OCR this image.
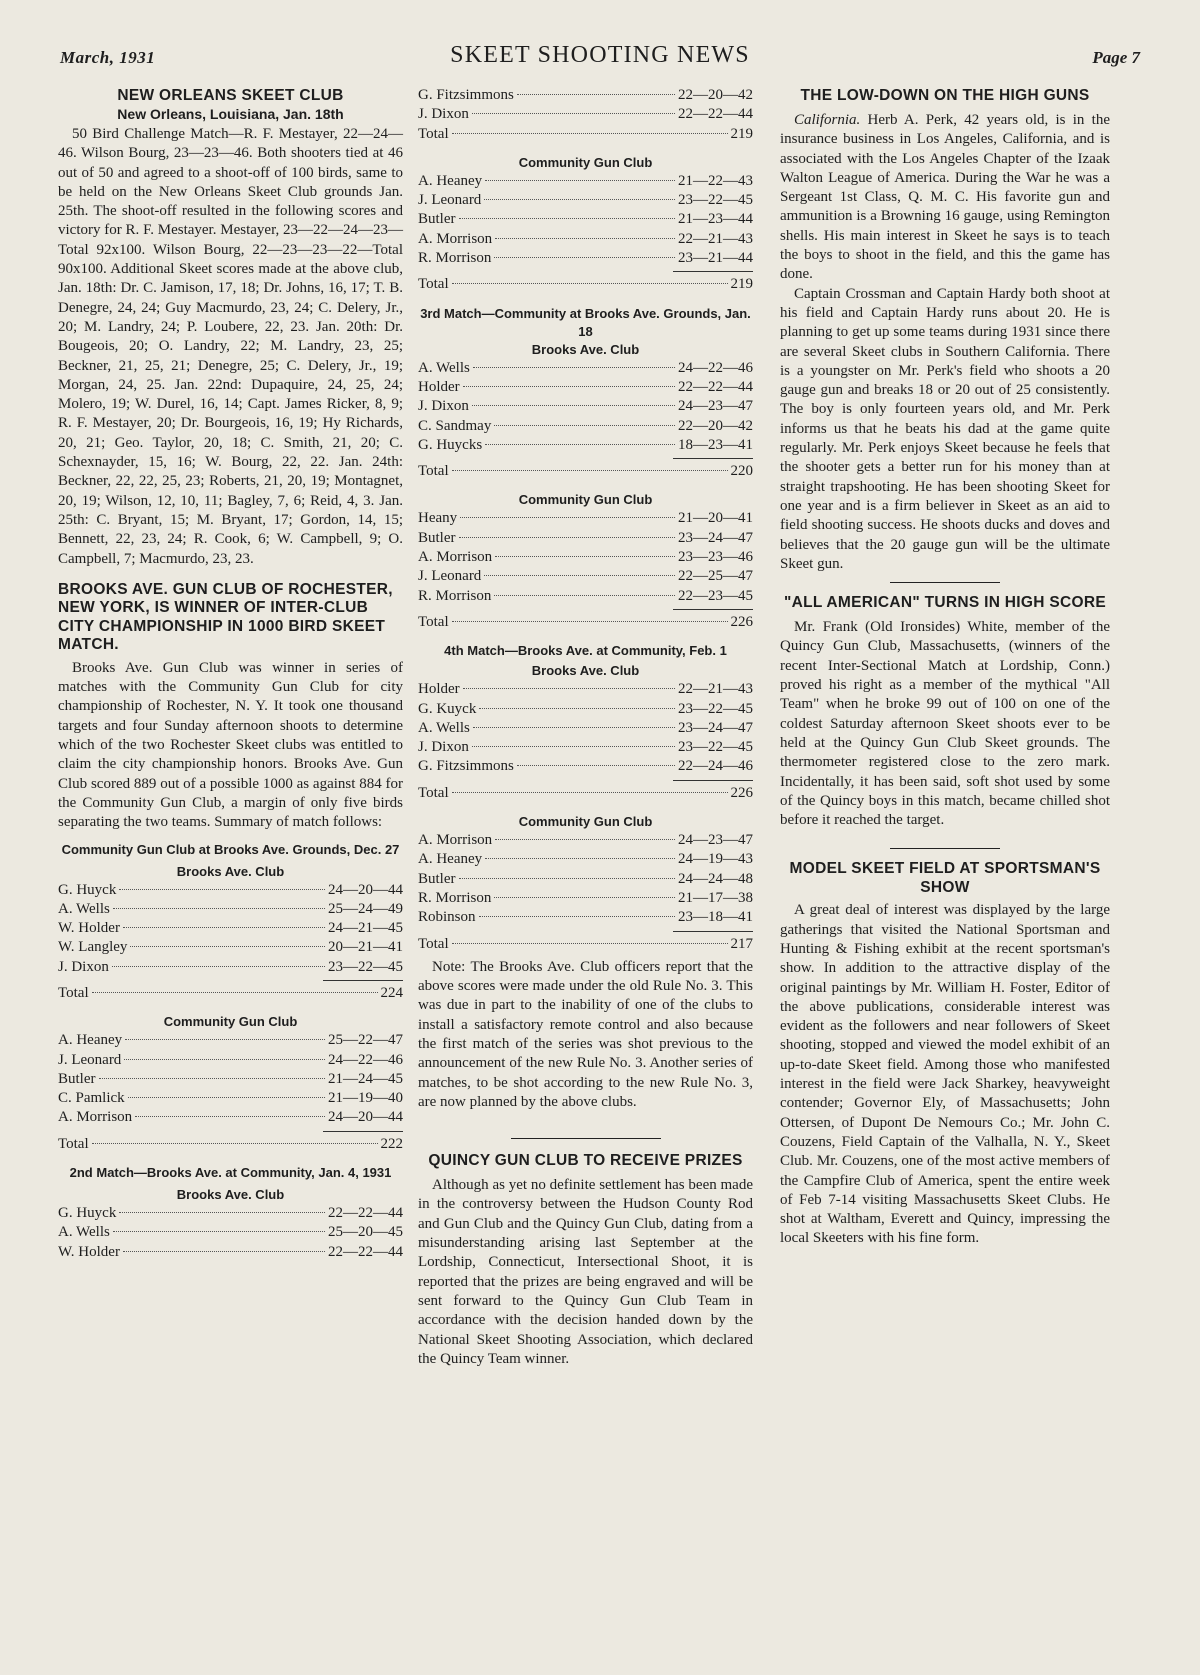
March, 1931	SKEET SHOOTING NEWS	Page 7
NEW ORLEANS SKEET CLUB
New Orleans, Louisiana, Jan. 18th

50 Bird Challenge Match—R. F. Mestayer, 22—24—46. Wilson Bourg, 23—23—46. Both shooters tied at 46 out of 50 and agreed to a shoot-off of 100 birds, same to be held on the New Orleans Skeet Club grounds Jan. 25th. The shoot-off resulted in the following scores and victory for R. F. Mestayer. Mestayer, 23—22—24—23—Total 92x100. Wilson Bourg, 22—23—23—22—Total 90x100. Additional Skeet scores made at the above club, Jan. 18th: Dr. C. Jamison, 17, 18; Dr. Johns, 16, 17; T. B. Denegre, 24, 24; Guy Macmurdo, 23, 24; C. Delery, Jr., 20; M. Landry, 24; P. Loubere, 22, 23. Jan. 20th: Dr. Bougeois, 20; O. Landry, 22; M. Landry, 23, 25; Beckner, 21, 25, 21; Denegre, 25; C. Delery, Jr., 19; Morgan, 24, 25. Jan. 22nd: Dupaquire, 24, 25, 24; Molero, 19; W. Durel, 16, 14; Capt. James Ricker, 8, 9; R. F. Mestayer, 20; Dr. Bourgeois, 16, 19; Hy Richards, 20, 21; Geo. Taylor, 20, 18; C. Smith, 21, 20; C. Schexnayder, 15, 16; W. Bourg, 22, 22. Jan. 24th: Beckner, 22, 22, 25, 23; Roberts, 21, 20, 19; Montagnet, 20, 19; Wilson, 12, 10, 11; Bagley, 7, 6; Reid, 4, 3. Jan. 25th: C. Bryant, 15; M. Bryant, 17; Gordon, 14, 15; Bennett, 22, 23, 24; R. Cook, 6; W. Campbell, 9; O. Campbell, 7; Macmurdo, 23, 23.

BROOKS AVE. GUN CLUB OF ROCHESTER, NEW YORK, IS WINNER OF INTER-CLUB CITY CHAMPIONSHIP IN 1000 BIRD SKEET MATCH.

Brooks Ave. Gun Club was winner in series of matches with the Community Gun Club for city championship of Rochester, N. Y. It took one thousand targets and four Sunday afternoon shoots to determine which of the two Rochester Skeet clubs was entitled to claim the city championship honors. Brooks Ave. Gun Club scored 889 out of a possible 1000 as against 884 for the Community Gun Club, a margin of only five birds separating the two teams. Summary of match follows:

Community Gun Club at Brooks Ave. Grounds, Dec. 27
Brooks Ave. Club
G. Huyck	24—20—44
A. Wells	25—24—49
W. Holder	24—21—45
W. Langley	20—21—41
J. Dixon	23—22—45
Total	224
Community Gun Club
A. Heaney	25—22—47
J. Leonard	24—22—46
Butler	21—24—45
C. Pamlick	21—19—40
A. Morrison	24—20—44
Total	222
2nd Match—Brooks Ave. at Community, Jan. 4, 1931
Brooks Ave. Club
G. Huyck	22—22—44
A. Wells	25—20—45
W. Holder	22—22—44
G. Fitzsimmons	22—20—42
J. Dixon	22—22—44
Total	219
Community Gun Club
A. Heaney	21—22—43
J. Leonard	23—22—45
Butler	21—23—44
A. Morrison	22—21—43
R. Morrison	23—21—44
Total	219
3rd Match—Community at Brooks Ave. Grounds, Jan. 18
Brooks Ave. Club
A. Wells	24—22—46
Holder	22—22—44
J. Dixon	24—23—47
C. Sandmay	22—20—42
G. Huycks	18—23—41
Total	220
Community Gun Club
Heany	21—20—41
Butler	23—24—47
A. Morrison	23—23—46
J. Leonard	22—25—47
R. Morrison	22—23—45
Total	226
4th Match—Brooks Ave. at Community, Feb. 1
Brooks Ave. Club
Holder	22—21—43
G. Kuyck	23—22—45
A. Wells	23—24—47
J. Dixon	23—22—45
G. Fitzsimmons	22—24—46
Total	226
Community Gun Club
A. Morrison	24—23—47
A. Heaney	24—19—43
Butler	24—24—48
R. Morrison	21—17—38
Robinson	23—18—41
Total	217

Note: The Brooks Ave. Club officers report that the above scores were made under the old Rule No. 3. This was due in part to the inability of one of the clubs to install a satisfactory remote control and also because the first match of the series was shot previous to the announcement of the new Rule No. 3. Another series of matches, to be shot according to the new Rule No. 3, are now planned by the above clubs.

QUINCY GUN CLUB TO RECEIVE PRIZES

Although as yet no definite settlement has been made in the controversy between the Hudson County Rod and Gun Club and the Quincy Gun Club, dating from a misunderstanding arising last September at the Lordship, Connecticut, Intersectional Shoot, it is reported that the prizes are being engraved and will be sent forward to the Quincy Gun Club Team in accordance with the decision handed down by the National Skeet Shooting Association, which declared the Quincy Team winner.

THE LOW-DOWN ON THE HIGH GUNS

California. Herb A. Perk, 42 years old, is in the insurance business in Los Angeles, California, and is associated with the Los Angeles Chapter of the Izaak Walton League of America. During the War he was a Sergeant 1st Class, Q. M. C. His favorite gun and ammunition is a Browning 16 gauge, using Remington shells. His main interest in Skeet he says is to teach the boys to shoot in the field, and this the game has done.

Captain Crossman and Captain Hardy both shoot at his field and Captain Hardy runs about 20. He is planning to get up some teams during 1931 since there are several Skeet clubs in Southern California. There is a youngster on Mr. Perk's field who shoots a 20 gauge gun and breaks 18 or 20 out of 25 consistently. The boy is only fourteen years old, and Mr. Perk informs us that he beats his dad at the game quite regularly. Mr. Perk enjoys Skeet because he feels that the shooter gets a better run for his money than at straight trapshooting. He has been shooting Skeet for one year and is a firm believer in Skeet as an aid to field shooting success. He shoots ducks and doves and believes that the 20 gauge gun will be the ultimate Skeet gun.

"ALL AMERICAN" TURNS IN HIGH SCORE

Mr. Frank (Old Ironsides) White, member of the Quincy Gun Club, Massachusetts, (winners of the recent Inter-Sectional Match at Lordship, Conn.) proved his right as a member of the mythical "All Team" when he broke 99 out of 100 on one of the coldest Saturday afternoon Skeet shoots ever to be held at the Quincy Gun Club Skeet grounds. The thermometer registered close to the zero mark. Incidentally, it has been said, soft shot used by some of the Quincy boys in this match, became chilled shot before it reached the target.

MODEL SKEET FIELD AT SPORTSMAN'S SHOW

A great deal of interest was displayed by the large gatherings that visited the National Sportsman and Hunting & Fishing exhibit at the recent sportsman's show. In addition to the attractive display of the original paintings by Mr. William H. Foster, Editor of the above publications, considerable interest was evident as the followers and near followers of Skeet shooting, stopped and viewed the model exhibit of an up-to-date Skeet field. Among those who manifested interest in the field were Jack Sharkey, heavyweight contender; Governor Ely, of Massachusetts; John Ottersen, of Dupont De Nemours Co.; Mr. John C. Couzens, Field Captain of the Valhalla, N. Y., Skeet Club. Mr. Couzens, one of the most active members of the Campfire Club of America, spent the entire week of Feb 7-14 visiting Massachusetts Skeet Clubs. He shot at Waltham, Everett and Quincy, impressing the local Skeeters with his fine form.
